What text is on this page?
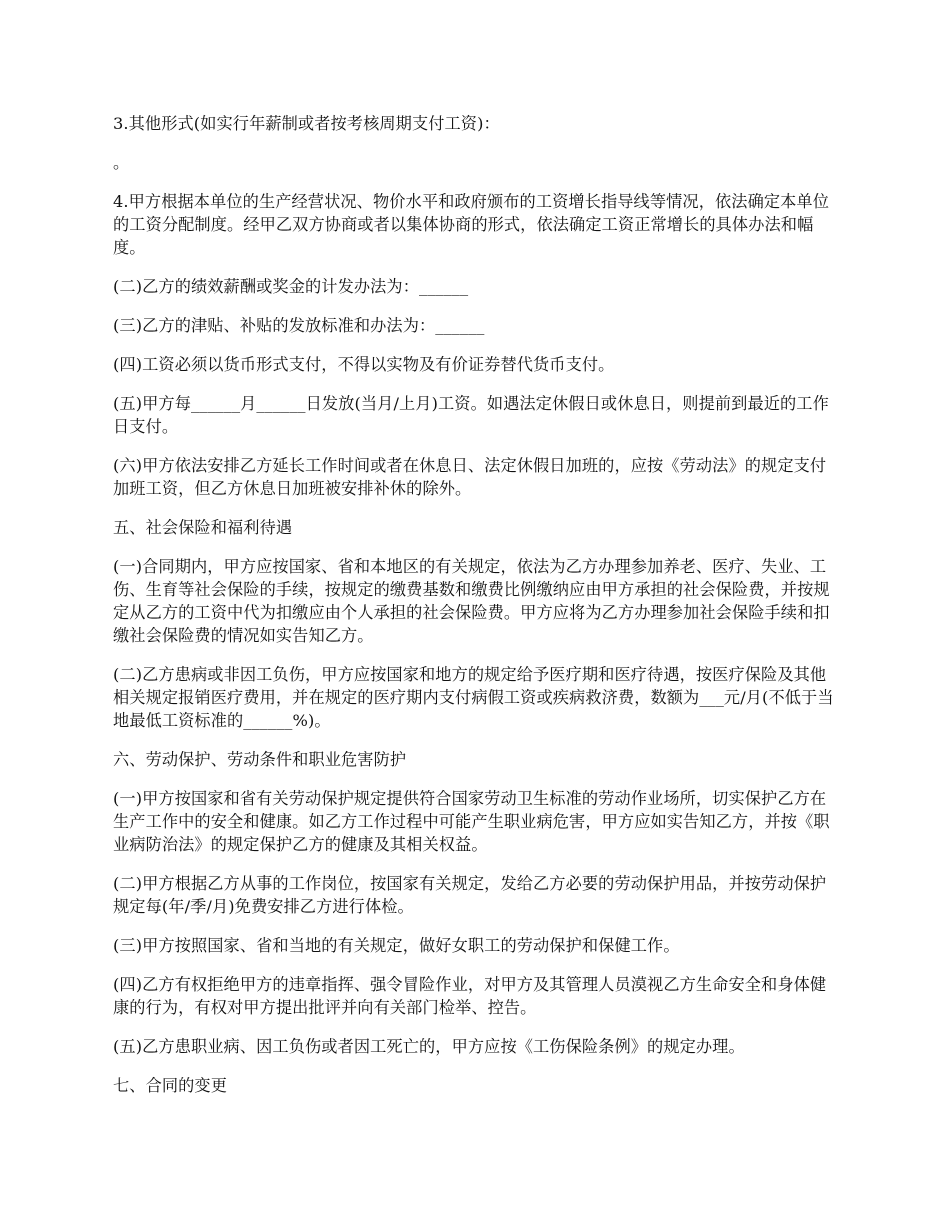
3.其他形式(如实行年薪制或者按考核周期支付工资)：

。

4.甲方根据本单位的生产经营状况、物价水平和政府颁布的工资增长指导线等情况，依法确定本单位的工资分配制度。经甲乙双方协商或者以集体协商的形式，依法确定工资正常增长的具体办法和幅度。

(二)乙方的绩效薪酬或奖金的计发办法为：______

(三)乙方的津贴、补贴的发放标准和办法为：______

(四)工资必须以货币形式支付，不得以实物及有价证券替代货币支付。

(五)甲方每______月______日发放(当月/上月)工资。如遇法定休假日或休息日，则提前到最近的工作日支付。

(六)甲方依法安排乙方延长工作时间或者在休息日、法定休假日加班的，应按《劳动法》的规定支付加班工资，但乙方休息日加班被安排补休的除外。

五、社会保险和福利待遇

(一)合同期内，甲方应按国家、省和本地区的有关规定，依法为乙方办理参加养老、医疗、失业、工伤、生育等社会保险的手续，按规定的缴费基数和缴费比例缴纳应由甲方承担的社会保险费，并按规定从乙方的工资中代为扣缴应由个人承担的社会保险费。甲方应将为乙方办理参加社会保险手续和扣缴社会保险费的情况如实告知乙方。

(二)乙方患病或非因工负伤，甲方应按国家和地方的规定给予医疗期和医疗待遇，按医疗保险及其他相关规定报销医疗费用，并在规定的医疗期内支付病假工资或疾病救济费，数额为___元/月(不低于当地最低工资标准的______%)。

六、劳动保护、劳动条件和职业危害防护

(一)甲方按国家和省有关劳动保护规定提供符合国家劳动卫生标准的劳动作业场所，切实保护乙方在生产工作中的安全和健康。如乙方工作过程中可能产生职业病危害，甲方应如实告知乙方，并按《职业病防治法》的规定保护乙方的健康及其相关权益。

(二)甲方根据乙方从事的工作岗位，按国家有关规定，发给乙方必要的劳动保护用品，并按劳动保护规定每(年/季/月)免费安排乙方进行体检。

(三)甲方按照国家、省和当地的有关规定，做好女职工的劳动保护和保健工作。

(四)乙方有权拒绝甲方的违章指挥、强令冒险作业，对甲方及其管理人员漠视乙方生命安全和身体健康的行为，有权对甲方提出批评并向有关部门检举、控告。

(五)乙方患职业病、因工负伤或者因工死亡的，甲方应按《工伤保险条例》的规定办理。

七、合同的变更
